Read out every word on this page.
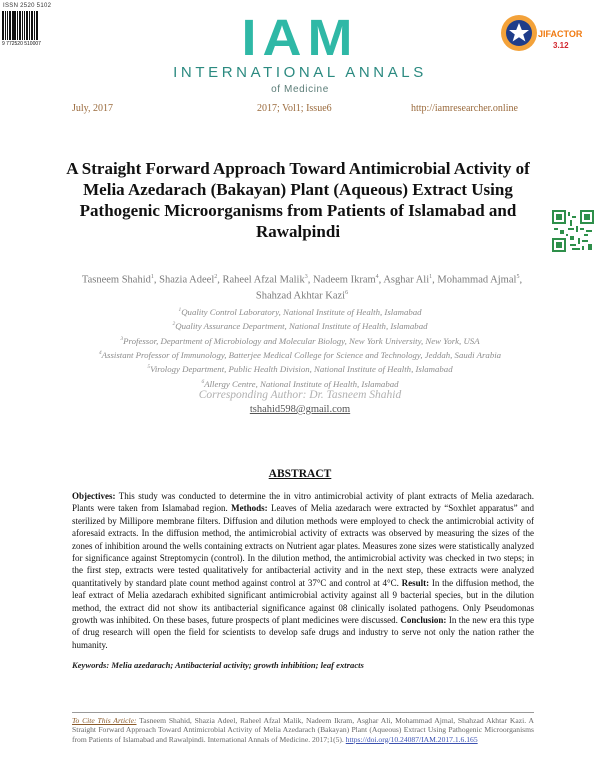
ISSN 2520 5102
9 772520 510007	IAM
INTERNATIONAL ANNALS
of Medicine
JIFACTOR
3.12
July, 2017	2017; Vol1; Issue6	http://iamresearcher.online
A Straight Forward Approach Toward Antimicrobial Activity of Melia Azedarach (Bakayan) Plant (Aqueous) Extract Using Pathogenic Microorganisms from Patients of Islamabad and Rawalpindi
Tasneem Shahid$^1$, Shazia Adeel$^2$, Raheel Afzal Malik$^3$, Nadeem Ikram$^4$, Asghar Ali$^1$, Mohammad Ajmal$^5$,
Shahzad Akhtar Kazi$^6$
$^1$Quality Control Laboratory, National Institute of Health, Islamabad
$^2$Quality Assurance Department, National Institute of Health, Islamabad
$^3$Professor, Department of Microbiology and Molecular Biology, New York University, New York, USA
$^4$Assistant Professor of Immunology, Batterjee Medical College for Science and Technology, Jeddah, Saudi Arabia
$^5$Virology Department, Public Health Division, National Institute of Health, Islamabad
$^6$Allergy Centre, National Institute of Health, Islamabad
Corresponding Author: Dr. Tasneem Shahid
tshahid598@gmail.com
ABSTRACT
Objectives: This study was conducted to determine the in vitro antimicrobial activity of plant extracts of Melia azedarach. Plants were taken from Islamabad region. Methods: Leaves of Melia azedarach were extracted by “Soxhlet apparatus” and sterilized by Millipore membrane filters. Diffusion and dilution methods were employed to check the antimicrobial activity of aforesaid extracts. In the diffusion method, the antimicrobial activity of extracts was observed by measuring the sizes of the zones of inhibition around the wells containing extracts on Nutrient agar plates. Measures zone sizes were statistically analyzed for significance against Streptomycin (control). In the dilution method, the antimicrobial activity was checked in two steps; in the first step, extracts were tested qualitatively for antibacterial activity and in the next step, these extracts were analyzed quantitatively by standard plate count method against control at 37°C and control at 4°C. Result: In the diffusion method, the leaf extract of Melia azedarach exhibited significant antimicrobial activity against all 9 bacterial species, but in the dilution method, the extract did not show its antibacterial significance against 08 clinically isolated pathogens. Only Pseudomonas growth was inhibited. On these bases, future prospects of plant medicines were discussed. Conclusion: In the new era this type of drug research will open the field for scientists to develop safe drugs and industry to serve not only the nation rather the humanity.
Keywords: Melia azedarach; Antibacterial activity; growth inhibition; leaf extracts
To Cite This Article: Tasneem Shahid, Shazia Adeel, Raheel Afzal Malik, Nadeem Ikram, Asghar Ali, Mohammad Ajmal, Shahzad Akhtar Kazi. A Straight Forward Approach Toward Antimicrobial Activity of Melia Azedarach (Bakayan) Plant (Aqueous) Extract Using Pathogenic Microorganisms from Patients of Islamabad and Rawalpindi. International Annals of Medicine. 2017;1(5). https://doi.org/10.24087/IAM.2017.1.6.165
